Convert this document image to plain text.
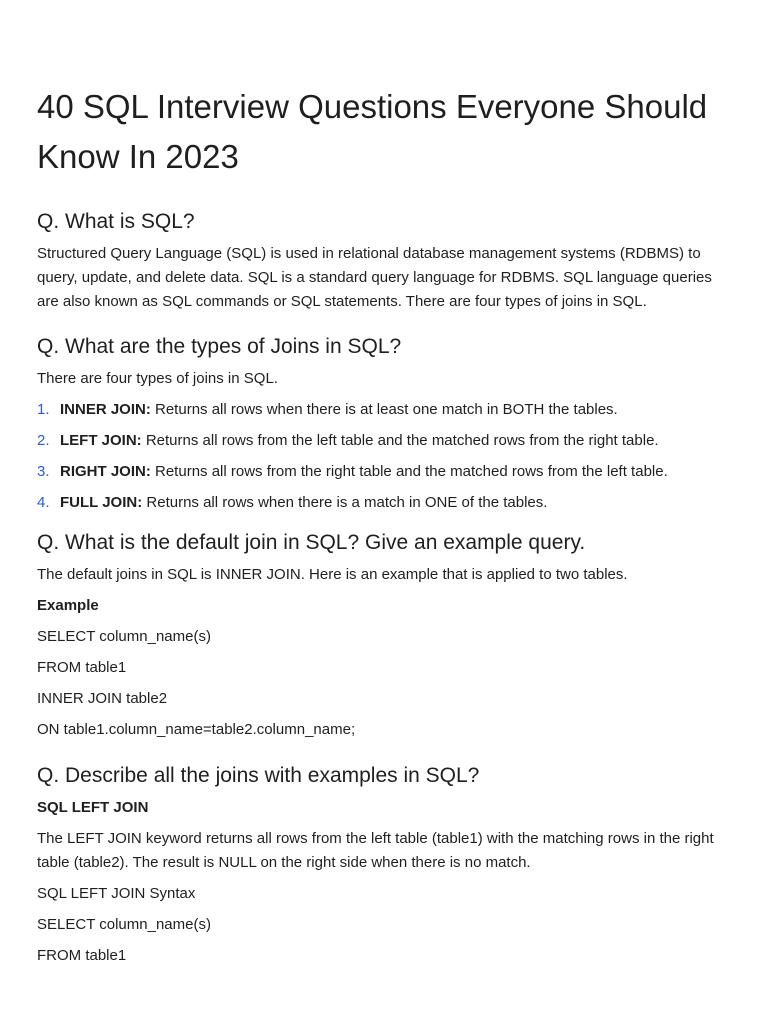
40 SQL Interview Questions Everyone Should Know In 2023
Q. What is SQL?

Structured Query Language (SQL) is used in relational database management systems (RDBMS) to query, update, and delete data. SQL is a standard query language for RDBMS. SQL language queries are also known as SQL commands or SQL statements. There are four types of joins in SQL.

Q. What are the types of Joins in SQL?

There are four types of joins in SQL.

1. INNER JOIN: Returns all rows when there is at least one match in BOTH the tables.
2. LEFT JOIN: Returns all rows from the left table and the matched rows from the right table.
3. RIGHT JOIN: Returns all rows from the right table and the matched rows from the left table.
4. FULL JOIN: Returns all rows when there is a match in ONE of the tables.
Q. What is the default join in SQL? Give an example query.

The default joins in SQL is INNER JOIN. Here is an example that is applied to two tables.

Example

SELECT column_name(s)

FROM table1

INNER JOIN table2

ON table1.column_name=table2.column_name;

Q. Describe all the joins with examples in SQL?

SQL LEFT JOIN

The LEFT JOIN keyword returns all rows from the left table (table1) with the matching rows in the right table (table2). The result is NULL on the right side when there is no match.

SQL LEFT JOIN Syntax

SELECT column_name(s)

FROM table1
